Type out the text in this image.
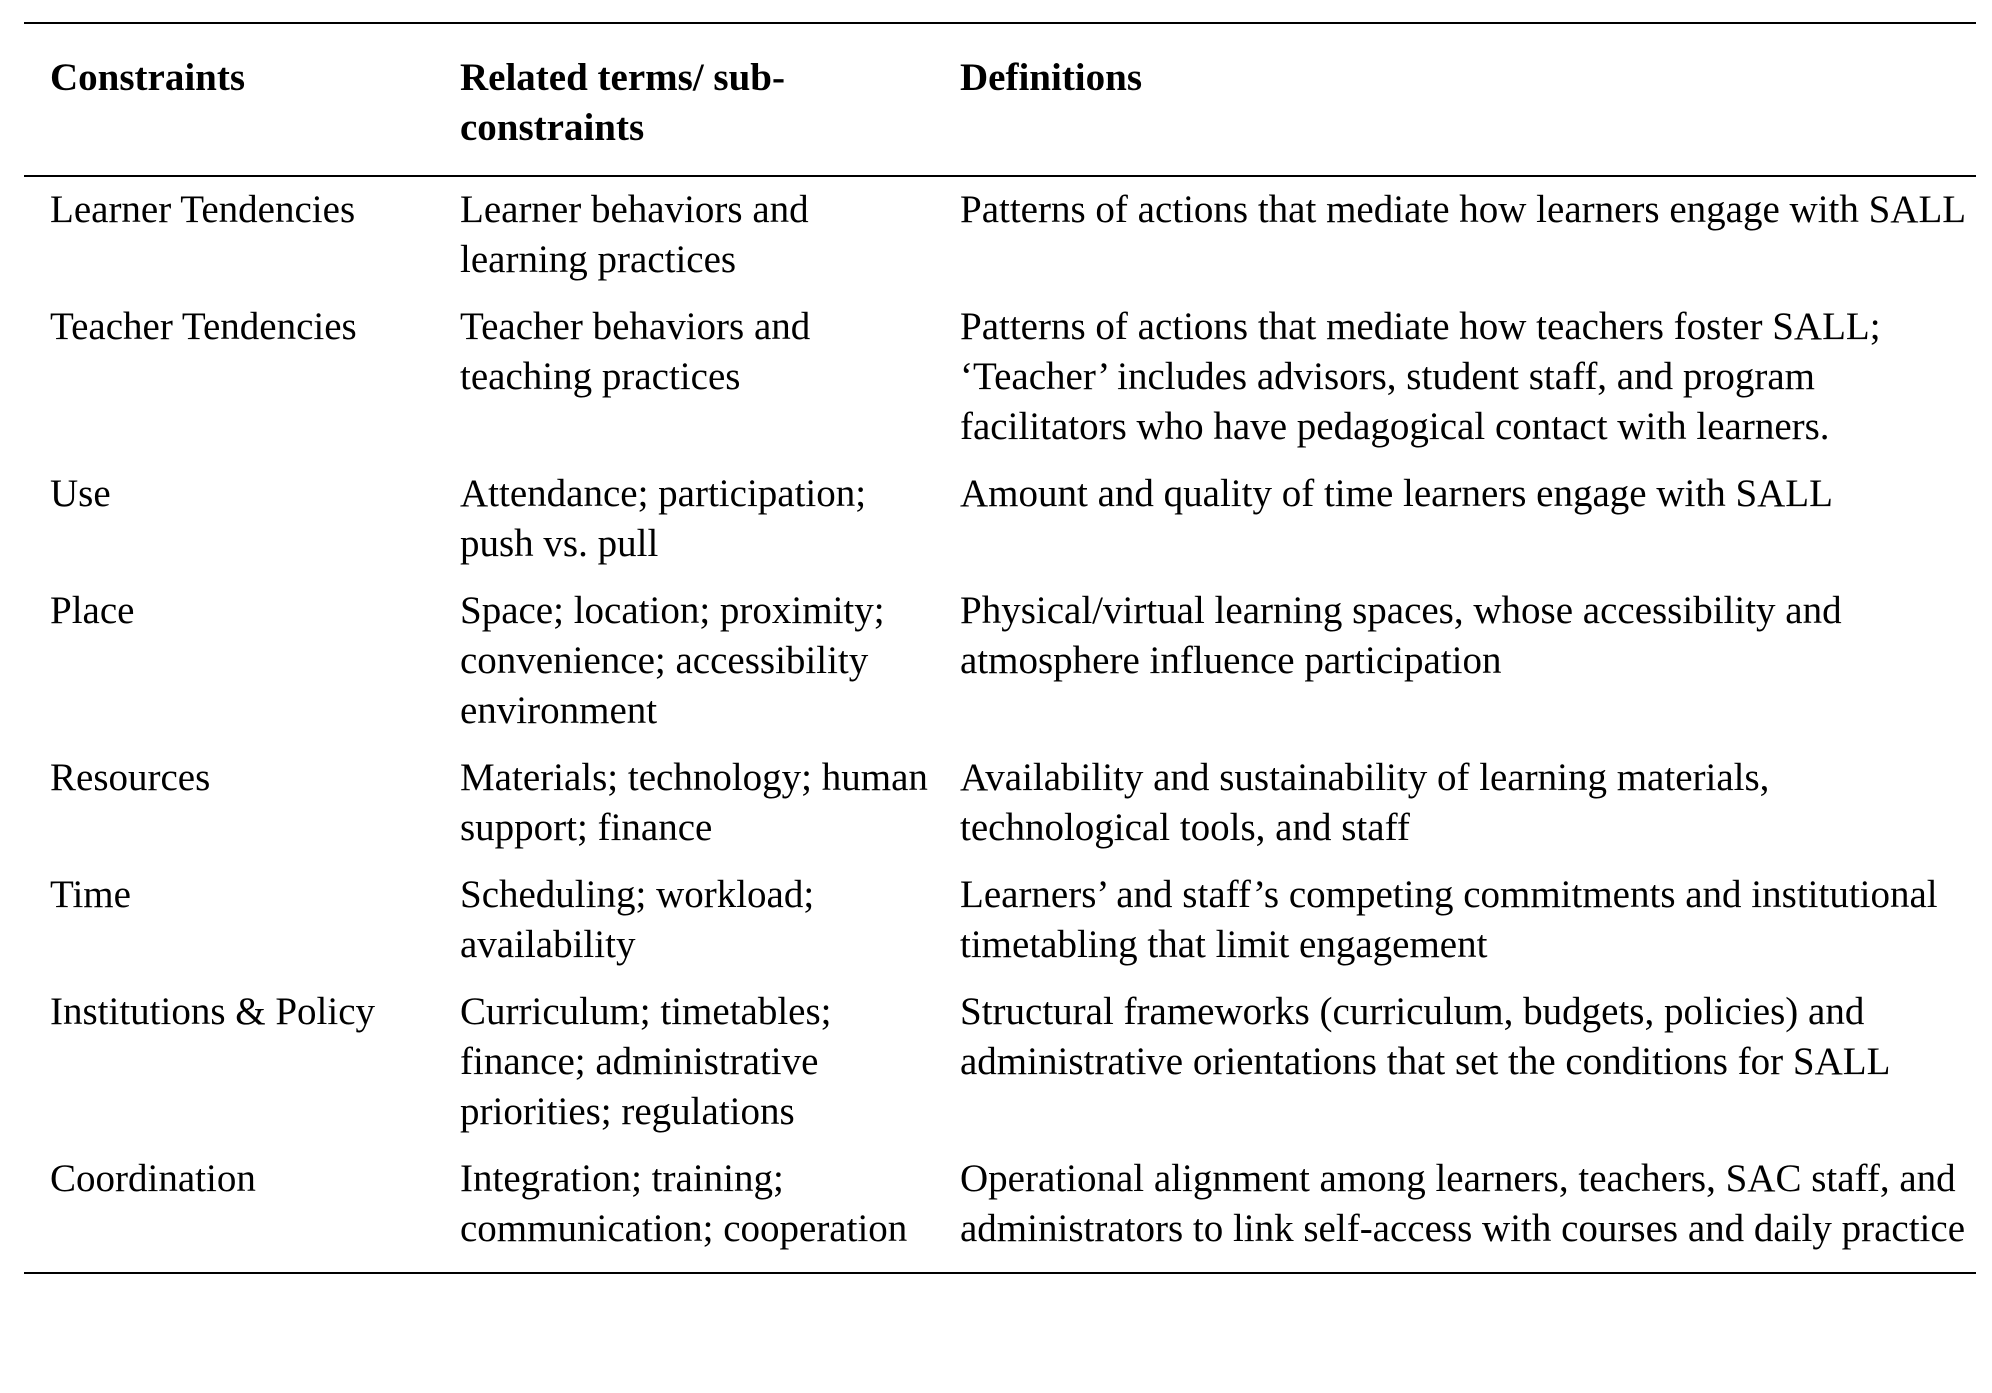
Constraints	Related terms/ sub-constraints	Definitions

Learner Tendencies	Learner behaviors and learning practices	Patterns of actions that mediate how learners engage with SALL
Teacher Tendencies	Teacher behaviors and teaching practices	Patterns of actions that mediate how teachers foster SALL; ‘Teacher’ includes advisors, student staff, and program facilitators who have pedagogical contact with learners.
Use	Attendance; participation; push vs. pull	Amount and quality of time learners engage with SALL
Place	Space; location; proximity; convenience; accessibility environment	Physical/virtual learning spaces, whose accessibility and atmosphere influence participation
Resources	Materials; technology; human support; finance	Availability and sustainability of learning materials, technological tools, and staff
Time	Scheduling; workload; availability	Learners’ and staff’s competing commitments and institutional timetabling that limit engagement
Institutions & Policy	Curriculum; timetables; finance; administrative priorities; regulations	Structural frameworks (curriculum, budgets, policies) and administrative orientations that set the conditions for SALL
Coordination	Integration; training; communication; cooperation	Operational alignment among learners, teachers, SAC staff, and administrators to link self-access with courses and daily practice
